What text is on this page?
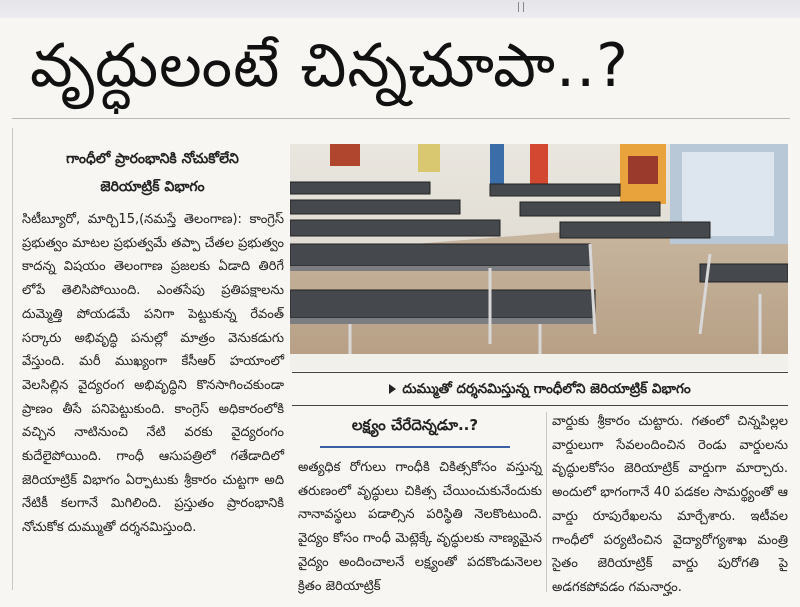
వృద్ధులంటే చిన్నచూపా..?
గాంధీలో ప్రారంభానికి నోచుకోలేని
జెరియాట్రిక్ విభాగం

సిటీబ్యూరో, మార్చి15,(నమస్తే తెలంగాణ): కాంగ్రెస్ ప్రభుత్వం మాటల ప్రభుత్వమే తప్పా చేతల ప్రభుత్వం కాదన్న విషయం తెలంగాణ ప్రజలకు ఏడాది తిరిగే లోపే తెలిసిపోయింది. ఎంతసేపు ప్రతిపక్షాలను దుమ్మెత్తి పోయడమే పనిగా పెట్టుకున్న రేవంత్ సర్కారు అభివృద్ధి పనుల్లో మాత్రం వెనుకడుగు వేస్తుంది. మరీ ముఖ్యంగా కేసీఆర్ హయాంలో వెలసిల్లిన వైద్యరంగ అభివృద్ధిని కొనసాగించకుండా ప్రాణం తీసే పనిపెట్టుకుంది. కాంగ్రెస్ అధికారంలోకి వచ్చిన నాటినుంచి నేటి వరకు వైద్యరంగం కుదేలైపోయింది. గాంధీ ఆసుపత్రిలో గతేడాదిలో జెరియాట్రిక్ విభాగం ఏర్పాటుకు శ్రీకారం చుట్టగా అది నేటికీ కలగానే మిగిలింది. ప్రస్తుతం ప్రారంభానికి నోచుకోక దుమ్ముతో దర్శనమిస్తుంది.

దుమ్ముతో దర్శనమిస్తున్న గాంధీలోని జెరియాట్రిక్ విభాగం
లక్ష్యం చేరేదెన్నడూ..?

అత్యధిక రోగులు గాంధీకి చికిత్సకోసం వస్తున్న తరుణంలో వృద్ధులు చికిత్స చేయించుకునేందుకు నానావస్థలు పడాల్సిన పరిస్థితి నెలకొంటుంది. వైద్యం కోసం గాంధీ మెట్లెక్కే వృద్ధులకు నాణ్యమైన వైద్యం అందించాలనే లక్ష్యంతో పదకొండునెలల క్రితం జెరియాట్రిక్

వార్డుకు శ్రీకారం చుట్టారు. గతంలో చిన్నపిల్లల వార్డులుగా సేవలందించిన రెండు వార్డులను వృద్ధులకోసం జెరియాట్రిక్ వార్డుగా మార్చారు. అందులో భాగంగానే 40 పడకల సామర్థ్యంతో ఆ వార్డు రూపురేఖలను మార్చేశారు. ఇటీవల గాంధీలో పర్యటించిన వైద్యారోగ్యశాఖ మంత్రి సైతం జెరియాట్రిక్ వార్డు పురోగతి పై అడగకపోవడం గమనార్హం.
